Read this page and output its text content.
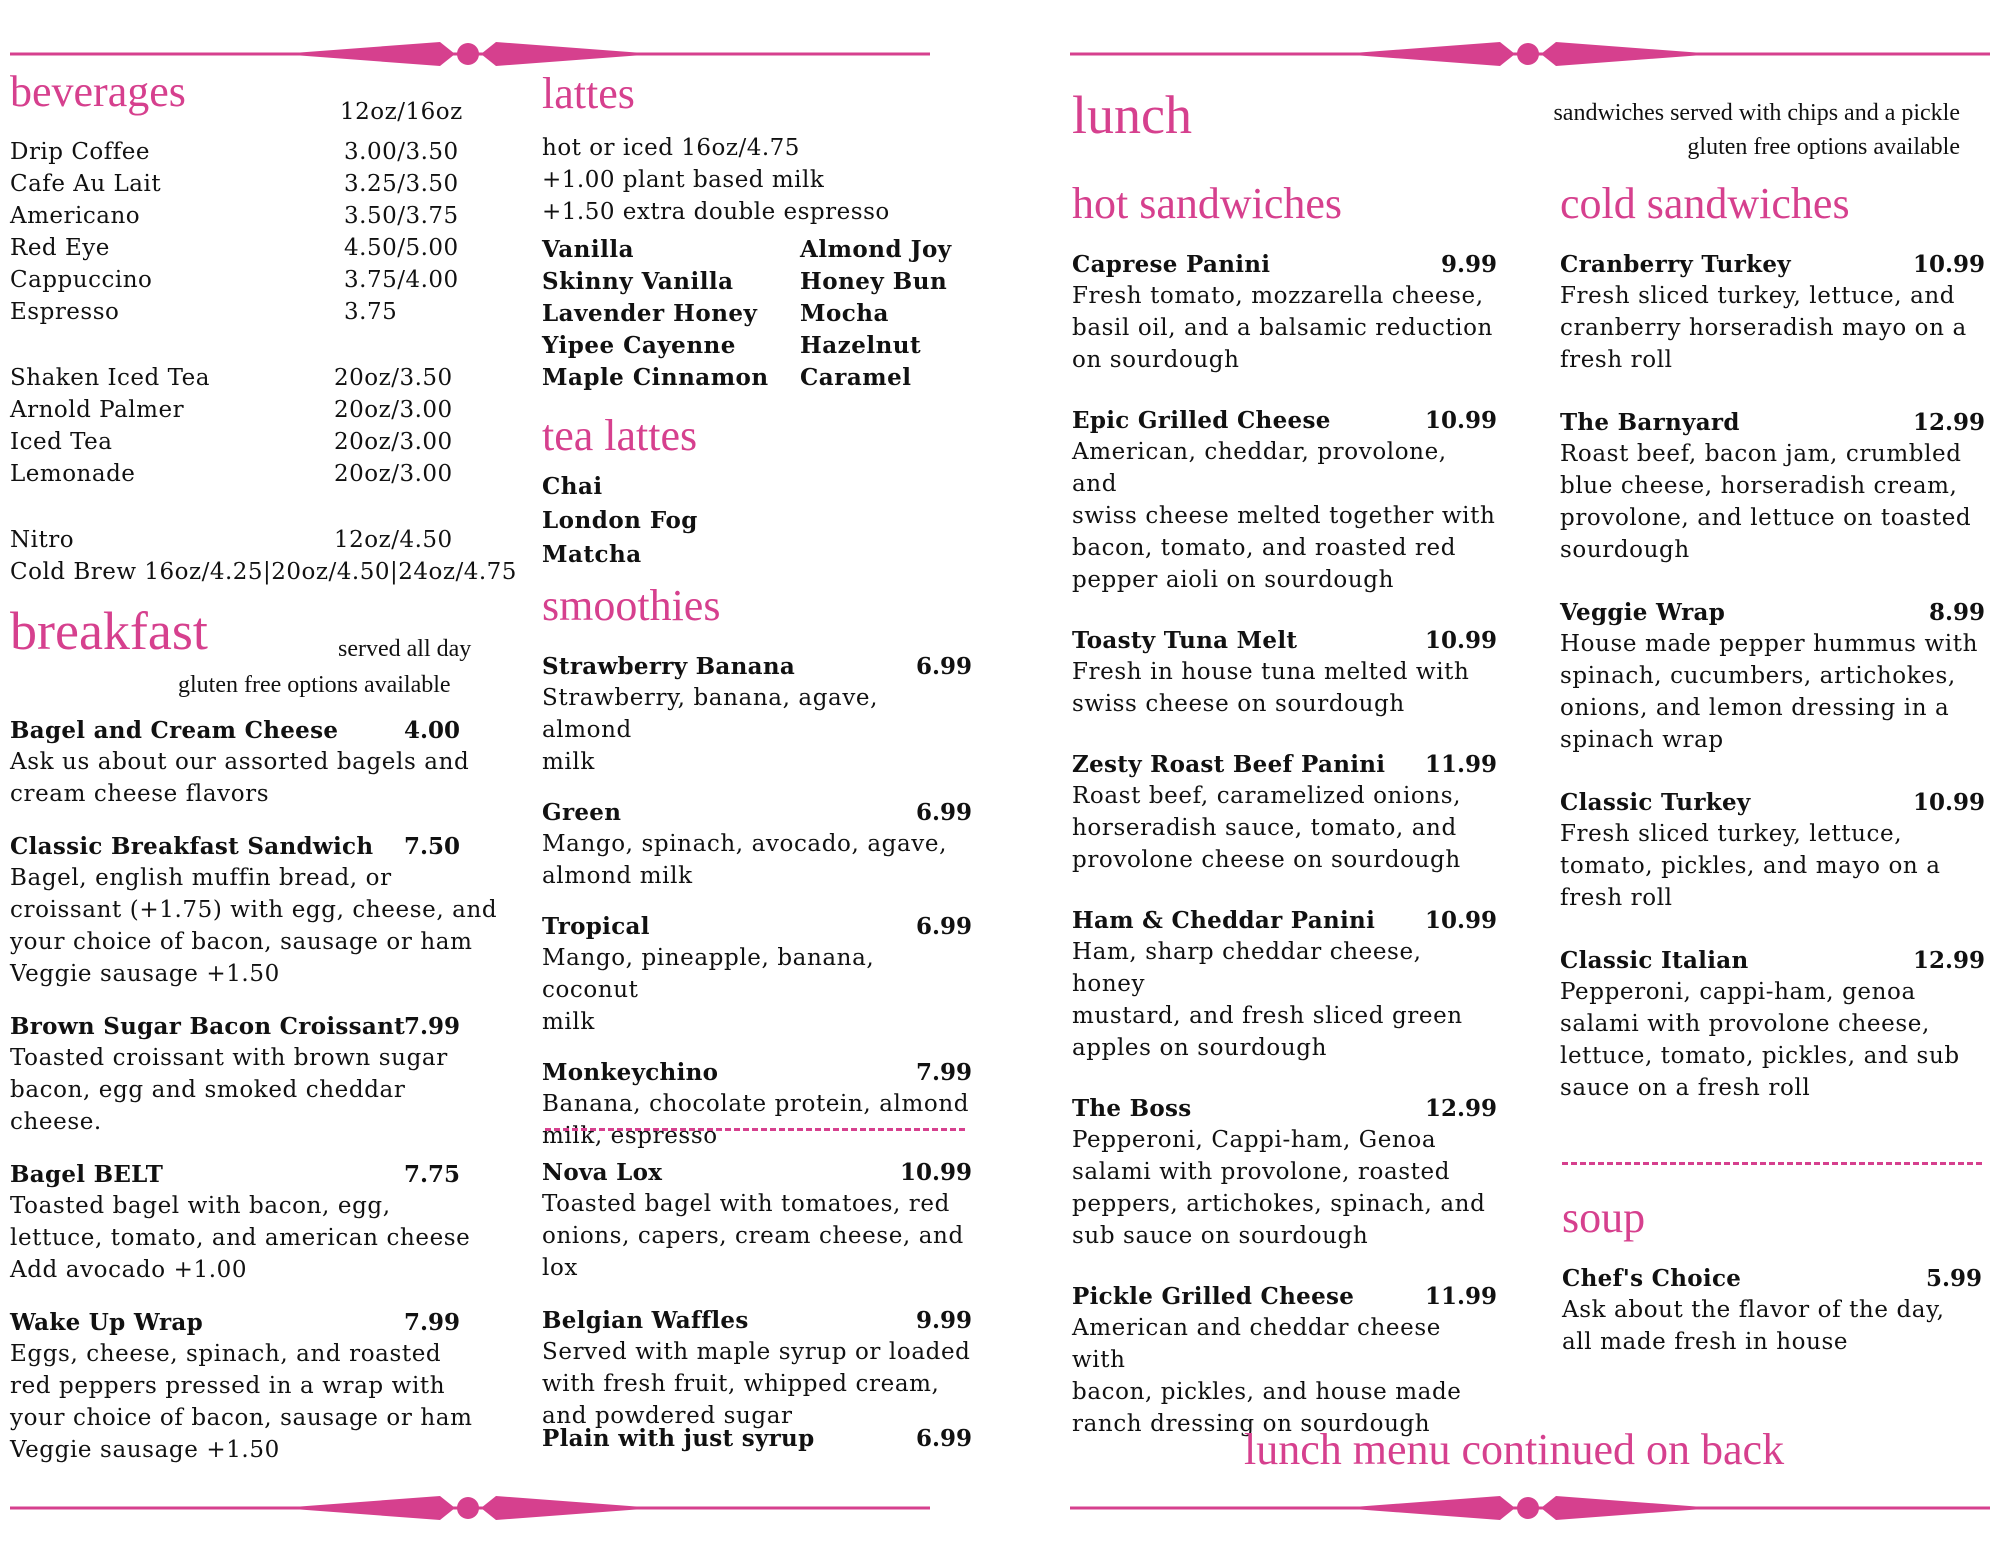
beverages	12oz/16oz
Drip Coffee	3.00/3.50
Cafe Au Lait	3.25/3.50
Americano	3.50/3.75
Red Eye	4.50/5.00
Cappuccino	3.75/4.00
Espresso	3.75
Shaken Iced Tea	20oz/3.50
Arnold Palmer	20oz/3.00
Iced Tea	20oz/3.00
Lemonade	20oz/3.00
Nitro	12oz/4.50
Cold Brew 16oz/4.25|20oz/4.50|24oz/4.75
breakfast	served all day
gluten free options available
Bagel and Cream Cheese	4.00
Ask us about our assorted bagels and
cream cheese flavors
Classic Breakfast Sandwich 7.50
Bagel, english muffin bread, or
croissant (+1.75) with egg, cheese, and
your choice of bacon, sausage or ham
Veggie sausage +1.50
Brown Sugar Bacon Croissant
7.99
Toasted croissant with brown sugar
bacon, egg and smoked cheddar cheese.
Bagel BELT	7.75
Toasted bagel with bacon, egg,
lettuce, tomato, and american cheese
Add avocado +1.00
Wake Up Wrap	7.99
Eggs, cheese, spinach, and roasted
red peppers pressed in a wrap with
your choice of bacon, sausage or ham
Veggie sausage +1.50
lattes
hot or iced 16oz/4.75
+1.00 plant based milk
+1.50 extra double espresso
Vanilla
Skinny Vanilla
Lavender Honey
Yipee Cayenne
Maple Cinnamon
Almond Joy
Honey Bun
Mocha
Hazelnut
Caramel
tea lattes
Chai
London Fog
Matcha
smoothies
Strawberry Banana	6.99
Strawberry, banana, agave, almond
milk
Green	6.99
Mango, spinach, avocado, agave,
almond milk
Tropical	6.99
Mango, pineapple, banana, coconut
milk
Monkeychino	7.99
Banana, chocolate protein, almond
milk, espresso
Nova Lox	10.99
Toasted bagel with tomatoes, red
onions, capers, cream cheese, and
lox
Belgian Waffles	9.99
Served with maple syrup or loaded
with fresh fruit, whipped cream,
and powdered sugar
Plain with just syrup	6.99
lunch	sandwiches served with chips and a pickle
gluten free options available
hot sandwiches
Caprese Panini	9.99
Fresh tomato, mozzarella cheese,
basil oil, and a balsamic reduction
on sourdough
Epic Grilled Cheese	10.99
American, cheddar, provolone, and
swiss cheese melted together with
bacon, tomato, and roasted red
pepper aioli on sourdough
Toasty Tuna Melt	10.99
Fresh in house tuna melted with
swiss cheese on sourdough
Zesty Roast Beef Panini 11.99
Roast beef, caramelized onions,
horseradish sauce, tomato, and
provolone cheese on sourdough
Ham & Cheddar Panini 10.99
Ham, sharp cheddar cheese, honey
mustard, and fresh sliced green
apples on sourdough
The Boss	12.99
Pepperoni, Cappi-ham, Genoa
salami with provolone, roasted
peppers, artichokes, spinach, and
sub sauce on sourdough
Pickle Grilled Cheese	11.99
American and cheddar cheese with
bacon, pickles, and house made
ranch dressing on sourdough
cold sandwiches
Cranberry Turkey	10.99
Fresh sliced turkey, lettuce, and
cranberry horseradish mayo on a
fresh roll
The Barnyard	12.99
Roast beef, bacon jam, crumbled
blue cheese, horseradish cream,
provolone, and lettuce on toasted
sourdough
Veggie Wrap	8.99
House made pepper hummus with
spinach, cucumbers, artichokes,
onions, and lemon dressing in a
spinach wrap
Classic Turkey	10.99
Fresh sliced turkey, lettuce,
tomato, pickles, and mayo on a
fresh roll
Classic Italian	12.99
Pepperoni, cappi-ham, genoa
salami with provolone cheese,
lettuce, tomato, pickles, and sub
sauce on a fresh roll
soup
Chef's Choice	5.99
Ask about the flavor of the day,
all made fresh in house
lunch menu continued on back
